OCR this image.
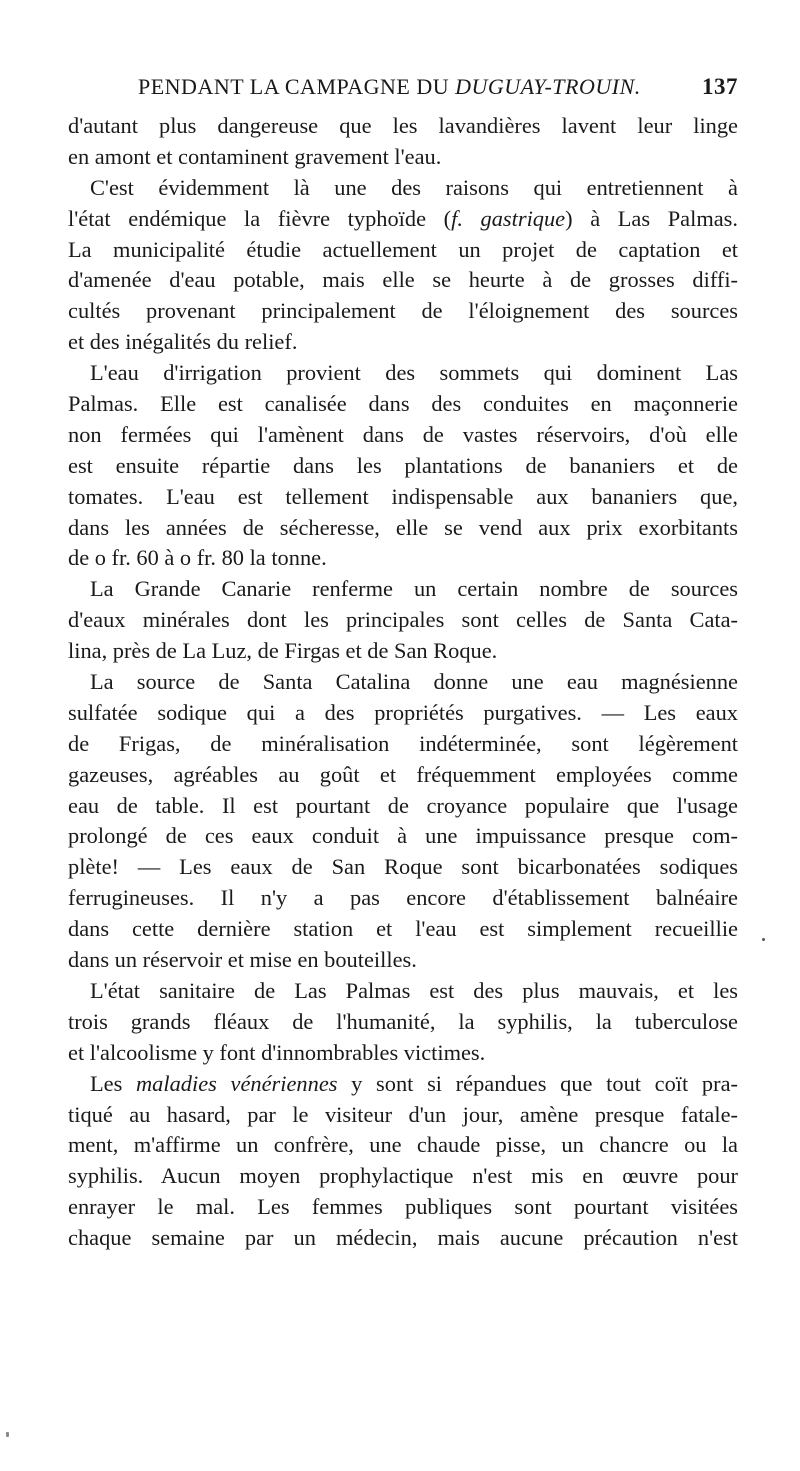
PENDANT LA CAMPAGNE DU DUGUAY-TROUIN.	137
d'autant plus dangereuse que les lavandières lavent leur linge
en amont et contaminent gravement l'eau.
C'est évidemment là une des raisons qui entretiennent à
l'état endémique la fièvre typhoïde (f. gastrique) à Las Palmas.
La municipalité étudie actuellement un projet de captation et
d'amenée d'eau potable, mais elle se heurte à de grosses diffi-
cultés provenant principalement de l'éloignement des sources
et des inégalités du relief.
L'eau d'irrigation provient des sommets qui dominent Las
Palmas. Elle est canalisée dans des conduites en maçonnerie
non fermées qui l'amènent dans de vastes réservoirs, d'où elle
est ensuite répartie dans les plantations de bananiers et de
tomates. L'eau est tellement indispensable aux bananiers que,
dans les années de sécheresse, elle se vend aux prix exorbitants
de o fr. 60 à o fr. 80 la tonne.
La Grande Canarie renferme un certain nombre de sources
d'eaux minérales dont les principales sont celles de Santa Cata-
lina, près de La Luz, de Firgas et de San Roque.
La source de Santa Catalina donne une eau magnésienne
sulfatée sodique qui a des propriétés purgatives. — Les eaux
de Frigas, de minéralisation indéterminée, sont légèrement
gazeuses, agréables au goût et fréquemment employées comme
eau de table. Il est pourtant de croyance populaire que l'usage
prolongé de ces eaux conduit à une impuissance presque com-
plète! — Les eaux de San Roque sont bicarbonatées sodiques
ferrugineuses. Il n'y a pas encore d'établissement balnéaire
dans cette dernière station et l'eau est simplement recueillie
dans un réservoir et mise en bouteilles.
L'état sanitaire de Las Palmas est des plus mauvais, et les
trois grands fléaux de l'humanité, la syphilis, la tuberculose
et l'alcoolisme y font d'innombrables victimes.
Les maladies vénériennes y sont si répandues que tout coït pra-
tiqué au hasard, par le visiteur d'un jour, amène presque fatale-
ment, m'affirme un confrère, une chaude pisse, un chancre ou la
syphilis. Aucun moyen prophylactique n'est mis en œuvre pour
enrayer le mal. Les femmes publiques sont pourtant visitées
chaque semaine par un médecin, mais aucune précaution n'est
